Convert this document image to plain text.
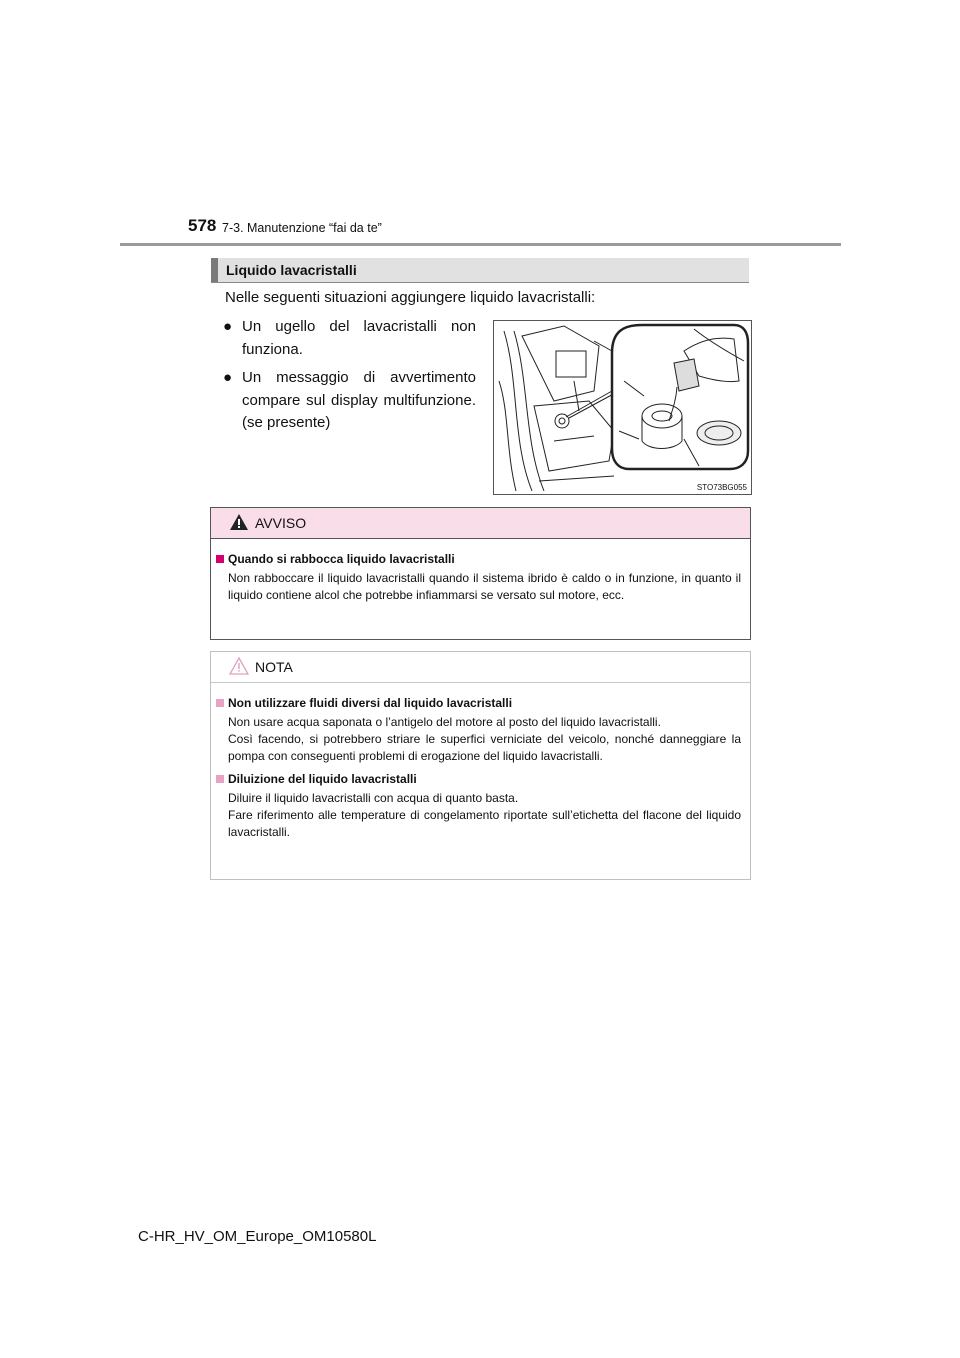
578 7-3. Manutenzione “fai da te”
Liquido lavacristalli
Nelle seguenti situazioni aggiungere liquido lavacristalli:
● Un ugello del lavacristalli non funziona.
● Un messaggio di avvertimento compare sul display multifunzione. (se presente)
STO73BG055
AVVISO
Quando si rabbocca liquido lavacristalli
Non rabboccare il liquido lavacristalli quando il sistema ibrido è caldo o in funzione, in quanto il liquido contiene alcol che potrebbe infiammarsi se versato sul motore, ecc.
NOTA
Non utilizzare fluidi diversi dal liquido lavacristalli

Non usare acqua saponata o l’antigelo del motore al posto del liquido lavacristalli.

Così facendo, si potrebbero striare le superfici verniciate del veicolo, nonché danneggiare la pompa con conseguenti problemi di erogazione del liquido lavacristalli.

Diluizione del liquido lavacristalli

Diluire il liquido lavacristalli con acqua di quanto basta.

Fare riferimento alle temperature di congelamento riportate sull’etichetta del flacone del liquido lavacristalli.

C-HR_HV_OM_Europe_OM10580L
